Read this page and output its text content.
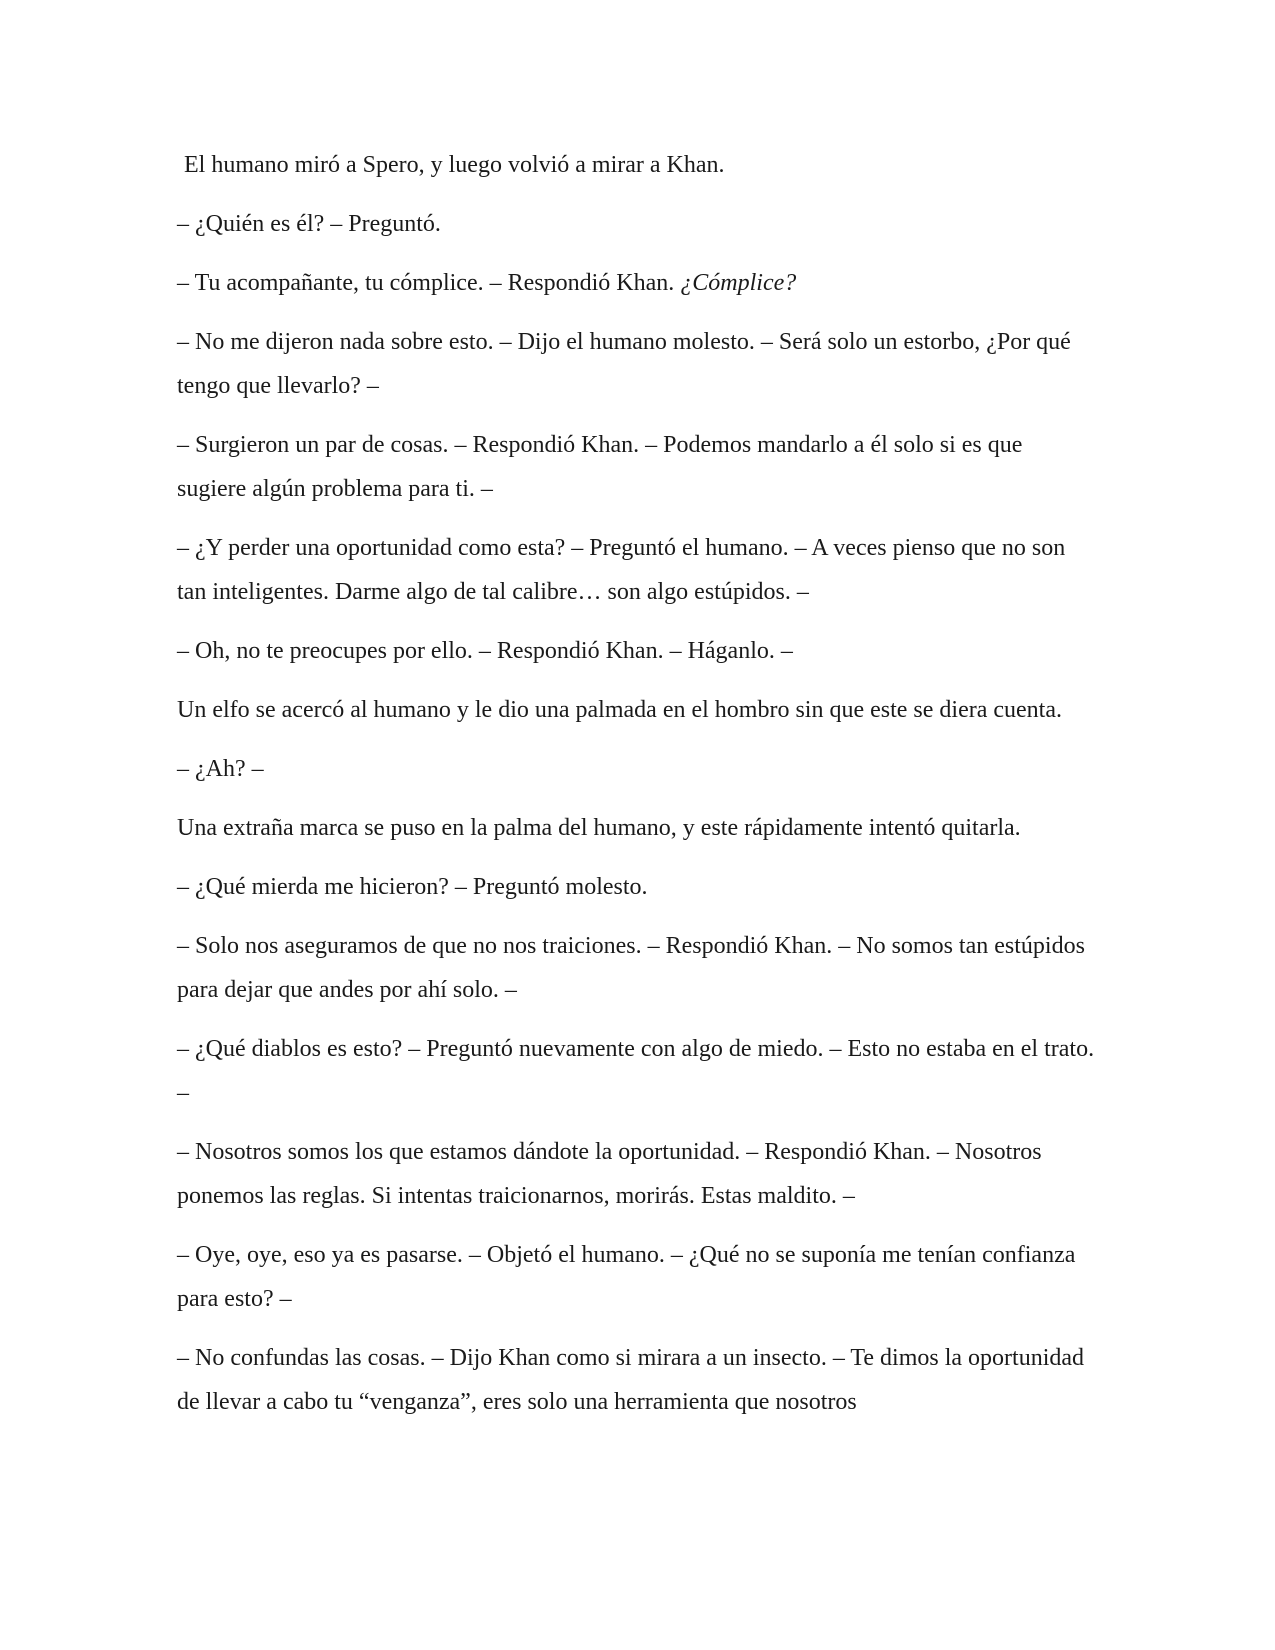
El humano miró a Spero, y luego volvió a mirar a Khan.

– ¿Quién es él? – Preguntó.

– Tu acompañante, tu cómplice. – Respondió Khan. ¿Cómplice?

– No me dijeron nada sobre esto. – Dijo el humano molesto. – Será solo un estorbo, ¿Por qué tengo que llevarlo? –

– Surgieron un par de cosas. – Respondió Khan. – Podemos mandarlo a él solo si es que sugiere algún problema para ti. –

– ¿Y perder una oportunidad como esta? – Preguntó el humano. – A veces pienso que no son tan inteligentes. Darme algo de tal calibre… son algo estúpidos. –

– Oh, no te preocupes por ello. – Respondió Khan. – Háganlo. –

Un elfo se acercó al humano y le dio una palmada en el hombro sin que este se diera cuenta.

– ¿Ah? –

Una extraña marca se puso en la palma del humano, y este rápidamente intentó quitarla.

– ¿Qué mierda me hicieron? – Preguntó molesto.

– Solo nos aseguramos de que no nos traiciones. – Respondió Khan. – No somos tan estúpidos para dejar que andes por ahí solo. –

– ¿Qué diablos es esto? – Preguntó nuevamente con algo de miedo. – Esto no estaba en el trato. –

– Nosotros somos los que estamos dándote la oportunidad. – Respondió Khan. – Nosotros ponemos las reglas. Si intentas traicionarnos, morirás. Estas maldito. –

– Oye, oye, eso ya es pasarse. – Objetó el humano. – ¿Qué no se suponía me tenían confianza para esto? –

– No confundas las cosas. – Dijo Khan como si mirara a un insecto. – Te dimos la oportunidad de llevar a cabo tu “venganza”, eres solo una herramienta que nosotros
